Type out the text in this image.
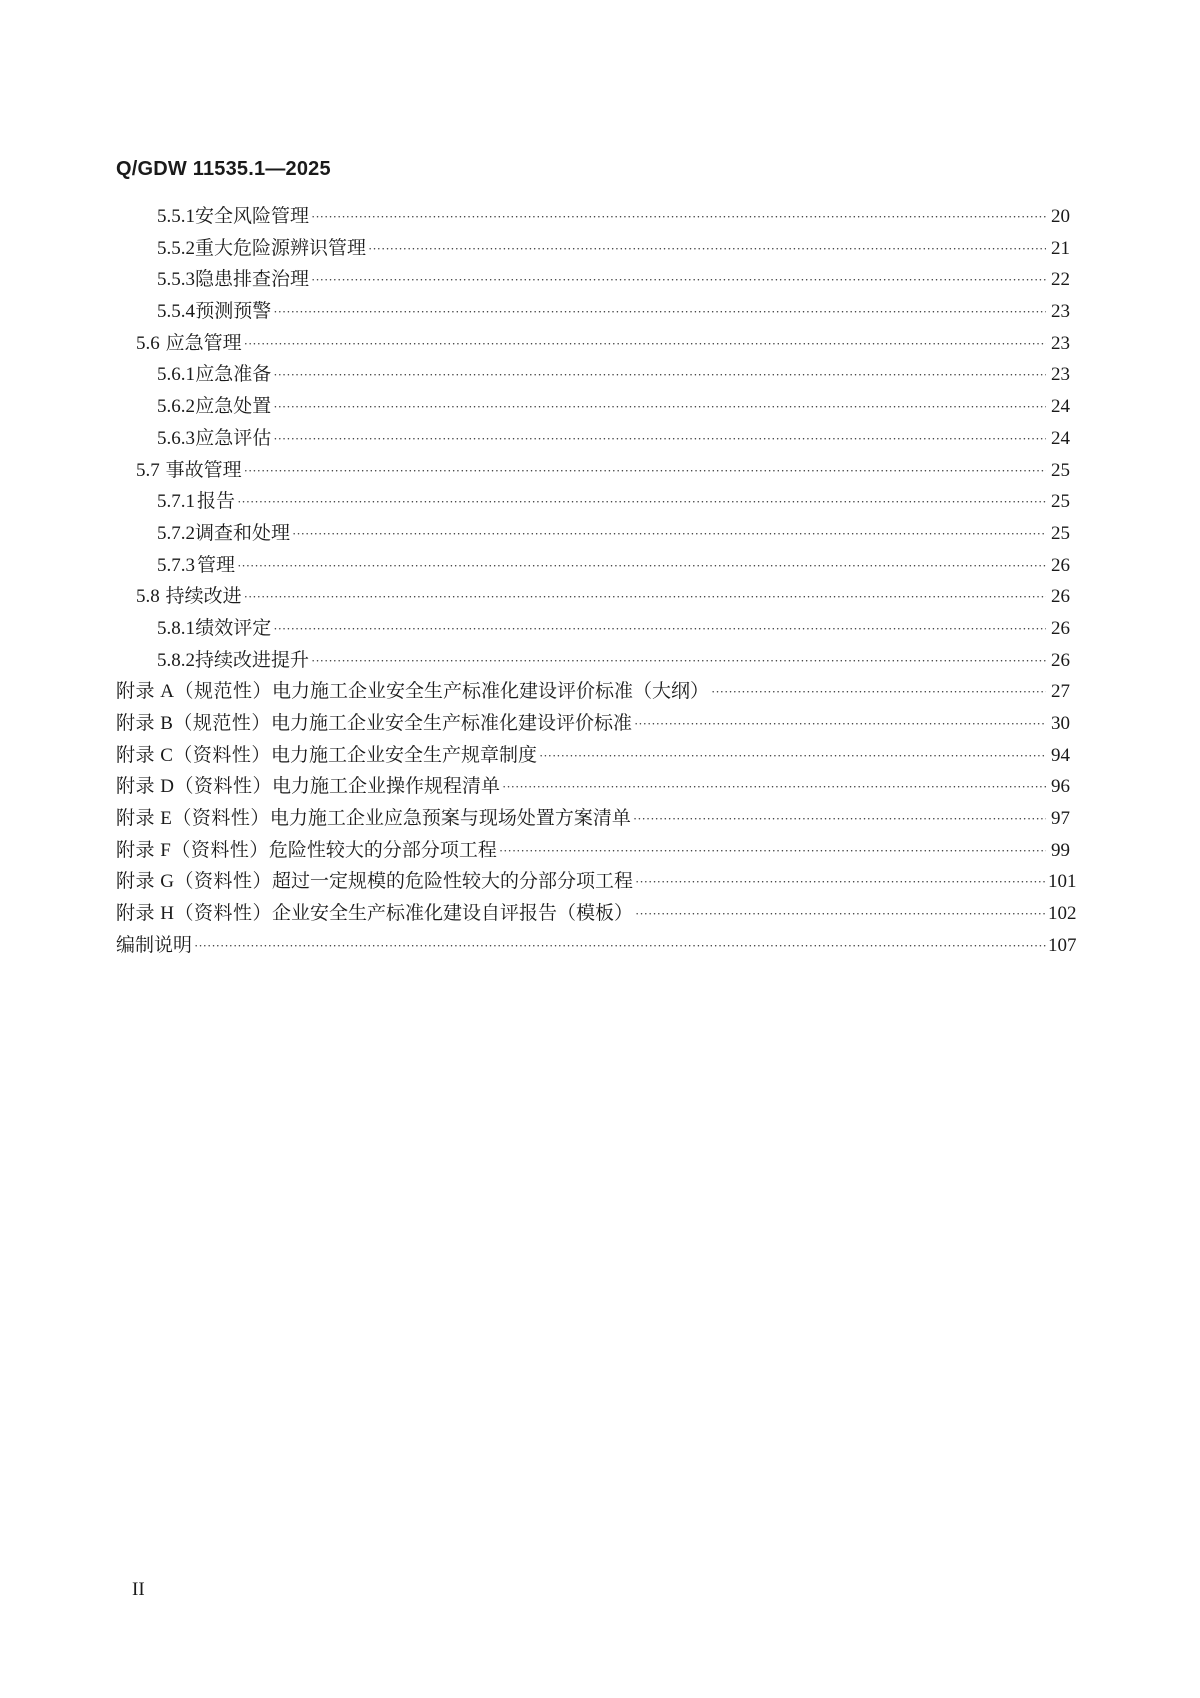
Q/GDW 11535.1—2025
5.5.1 安全风险管理 ·····	20
5.5.2 重大危险源辨识管理 ·····	21
5.5.3 隐患排查治理 ·····	22
5.5.4 预测预警 ·····	23
5.6 应急管理 ·····	23
5.6.1 应急准备 ·····	23
5.6.2 应急处置 ·····	24
5.6.3 应急评估 ·····	24
5.7 事故管理 ·····	25
5.7.1 报告 ·····	25
5.7.2 调查和处理 ·····	25
5.7.3 管理 ·····	26
5.8 持续改进 ·····	26
5.8.1 绩效评定 ·····	26
5.8.2 持续改进提升 ·····	26
附录 A（规范性） 电力施工企业安全生产标准化建设评价标准（大纲） ·····	27
附录 B（规范性） 电力施工企业安全生产标准化建设评价标准 ·····	30
附录 C（资料性） 电力施工企业安全生产规章制度 ·····	94
附录 D（资料性） 电力施工企业操作规程清单 ·····	96
附录 E（资料性） 电力施工企业应急预案与现场处置方案清单 ·····	97
附录 F（资料性） 危险性较大的分部分项工程 ·····	99
附录 G（资料性） 超过一定规模的危险性较大的分部分项工程 ·····	101
附录 H（资料性） 企业安全生产标准化建设自评报告（模板） ·····	102
编制说明 ·····	107
II
